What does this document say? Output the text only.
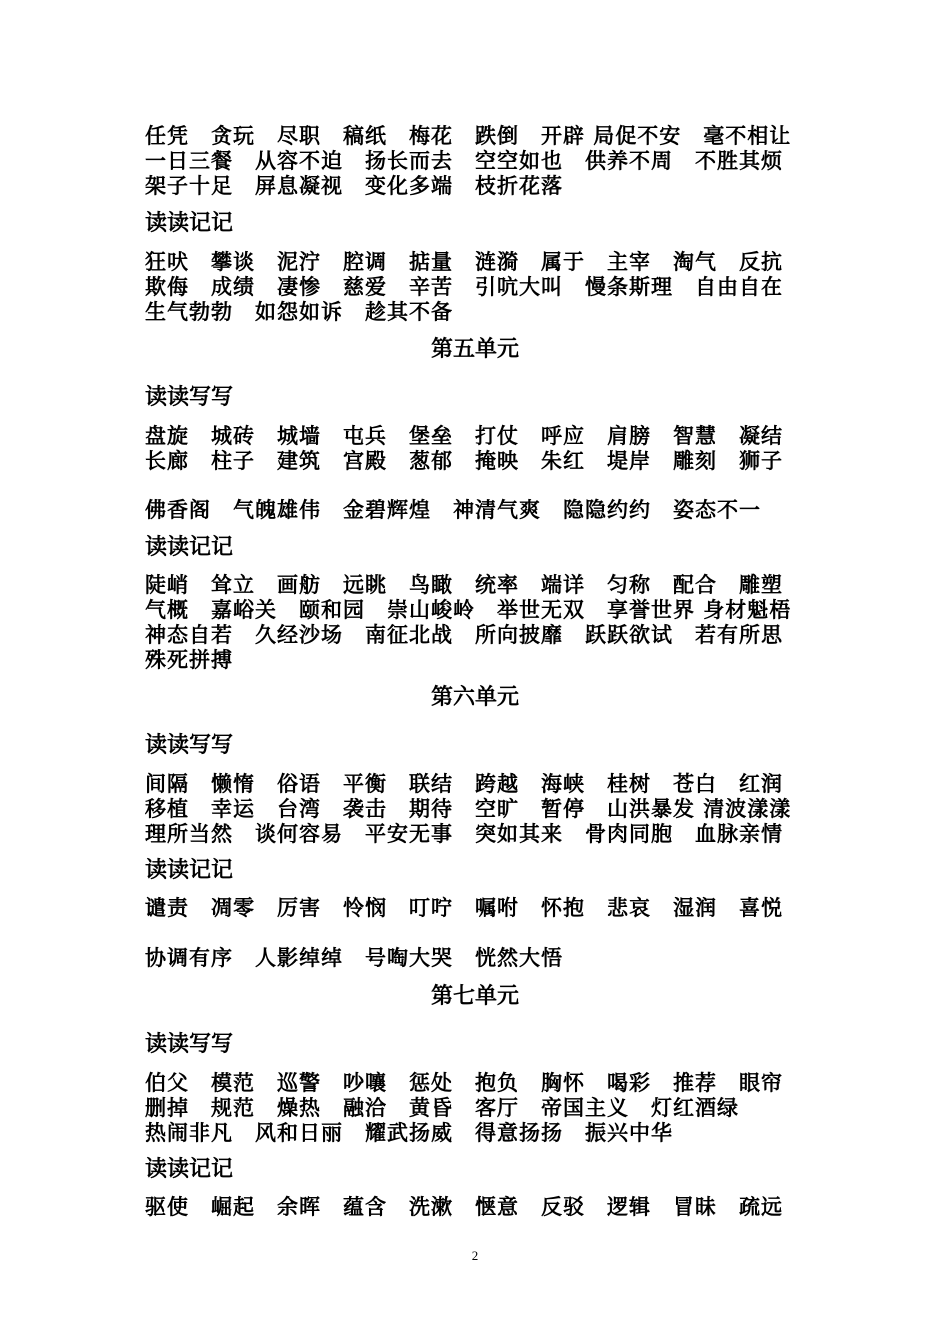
任凭　贪玩　尽职　稿纸　梅花　跌倒　开辟 局促不安　毫不相让
一日三餐　从容不迫　扬长而去　空空如也　供养不周　不胜其烦
架子十足　屏息凝视　变化多端　枝折花落
读读记记
狂吠　攀谈　泥泞　腔调　掂量　涟漪　属于　主宰　淘气　反抗
欺侮　成绩　凄惨　慈爱　辛苦　引吭大叫　慢条斯理　自由自在
生气勃勃　如怨如诉　趁其不备
第五单元
读读写写
盘旋　城砖　城墙　屯兵　堡垒　打仗　呼应　肩膀　智慧　凝结
长廊　柱子　建筑　宫殿　葱郁　掩映　朱红　堤岸　雕刻　狮子
佛香阁　气魄雄伟　金碧辉煌　神清气爽　隐隐约约　姿态不一
读读记记
陡峭　耸立　画舫　远眺　鸟瞰　统率　端详　匀称　配合　雕塑
气概　嘉峪关　颐和园　崇山峻岭　举世无双　享誉世界 身材魁梧
神态自若　久经沙场　南征北战　所向披靡　跃跃欲试　若有所思
殊死拼搏
第六单元
读读写写
间隔　懒惰　俗语　平衡　联结　跨越　海峡　桂树　苍白　红润
移植　幸运　台湾　袭击　期待　空旷　暂停　山洪暴发 清波漾漾
理所当然　谈何容易　平安无事　突如其来　骨肉同胞　血脉亲情
读读记记
谴责　凋零　厉害　怜悯　叮咛　嘱咐　怀抱　悲哀　湿润　喜悦
协调有序　人影绰绰　号啕大哭　恍然大悟
第七单元
读读写写
伯父　模范　巡警　吵嚷　惩处　抱负　胸怀　喝彩　推荐　眼帘
删掉　规范　燥热　融洽　黄昏　客厅　帝国主义　灯红酒绿
热闹非凡　风和日丽　耀武扬威　得意扬扬　振兴中华
读读记记
驱使　崛起　余晖　蕴含　洗漱　惬意　反驳　逻辑　冒昧　疏远
2
